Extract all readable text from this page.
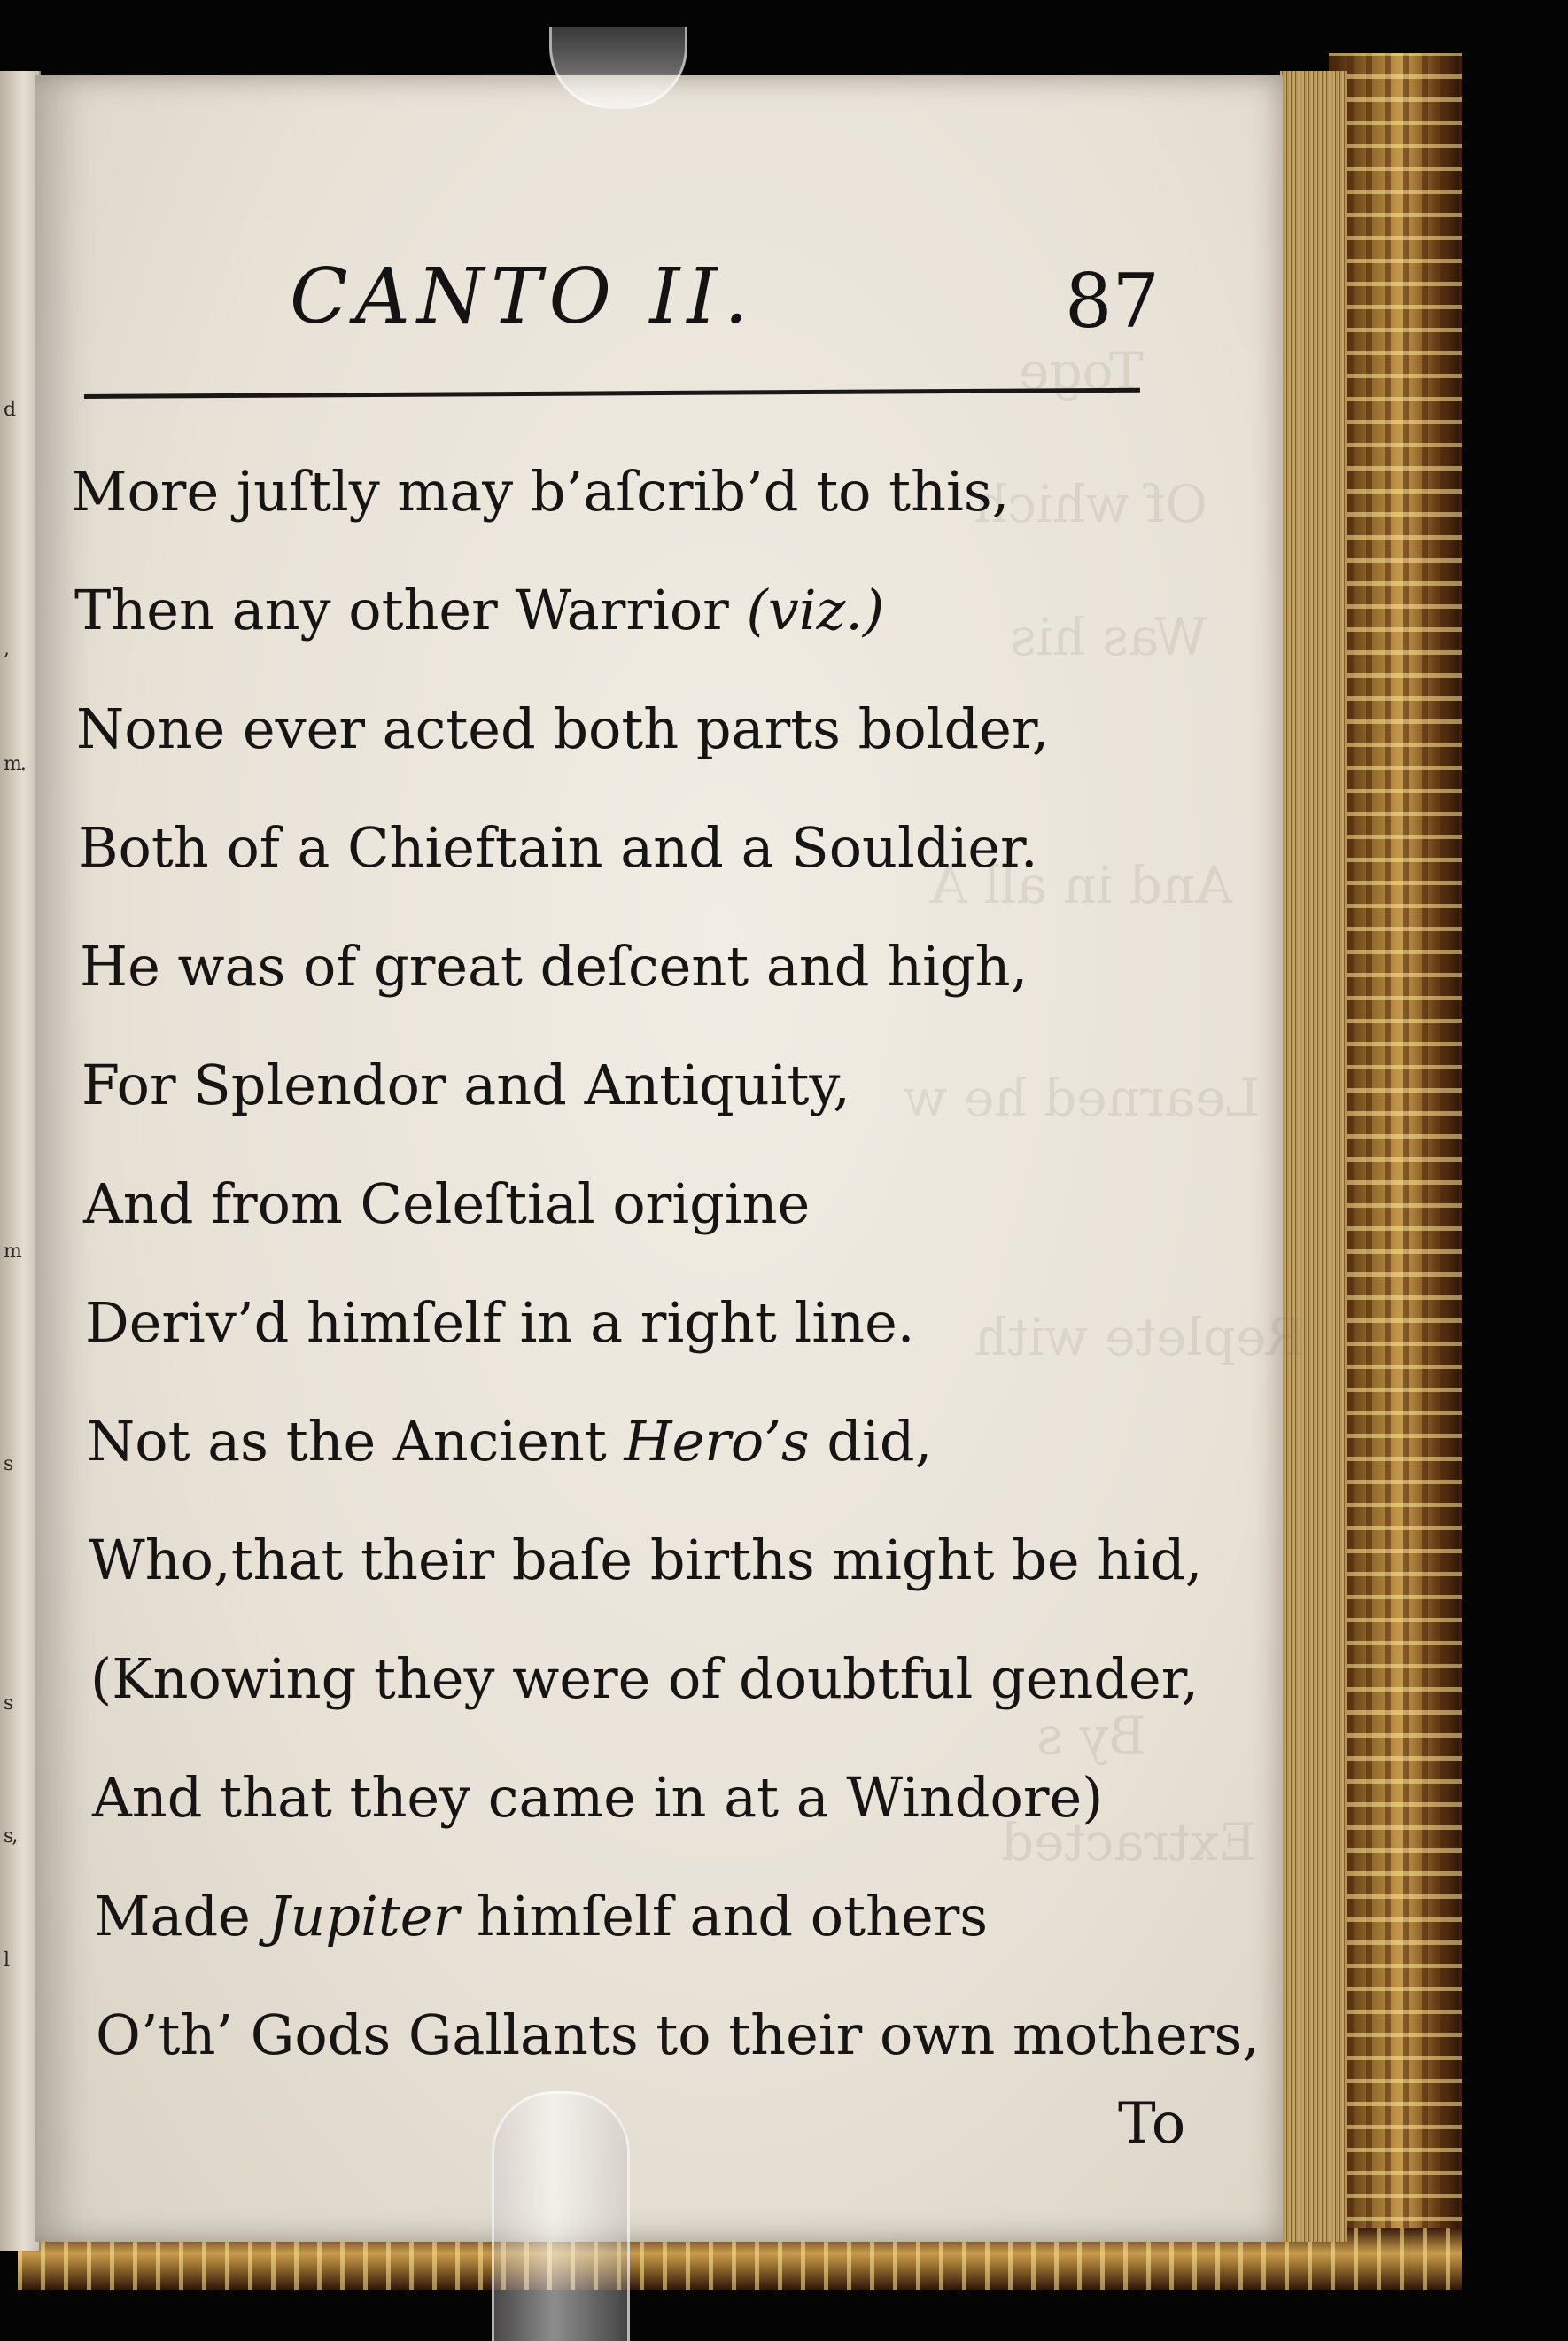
d
,
m.
m
s
s
s,
l
Toge
Of which
Was his
And in all A
Learned he w
Replete with
By s
Extracted
CANTO II.	87
More juſtly may b’aſcrib’d to this,
Then any other Warrior (viz.)
None ever acted both parts bolder,
Both of a Chieftain and a Souldier.
He was of great deſcent and high,
For Splendor and Antiquity,
And from Celeſtial origine
Deriv’d himſelf in a right line.
Not as the Ancient Hero’s did,
Who,that their baſe births might be hid,
(Knowing they were of doubtful gender,
And that they came in at a Windore)
Made Jupiter himſelf and others
O’th’ Gods Gallants to their own mothers,
To
